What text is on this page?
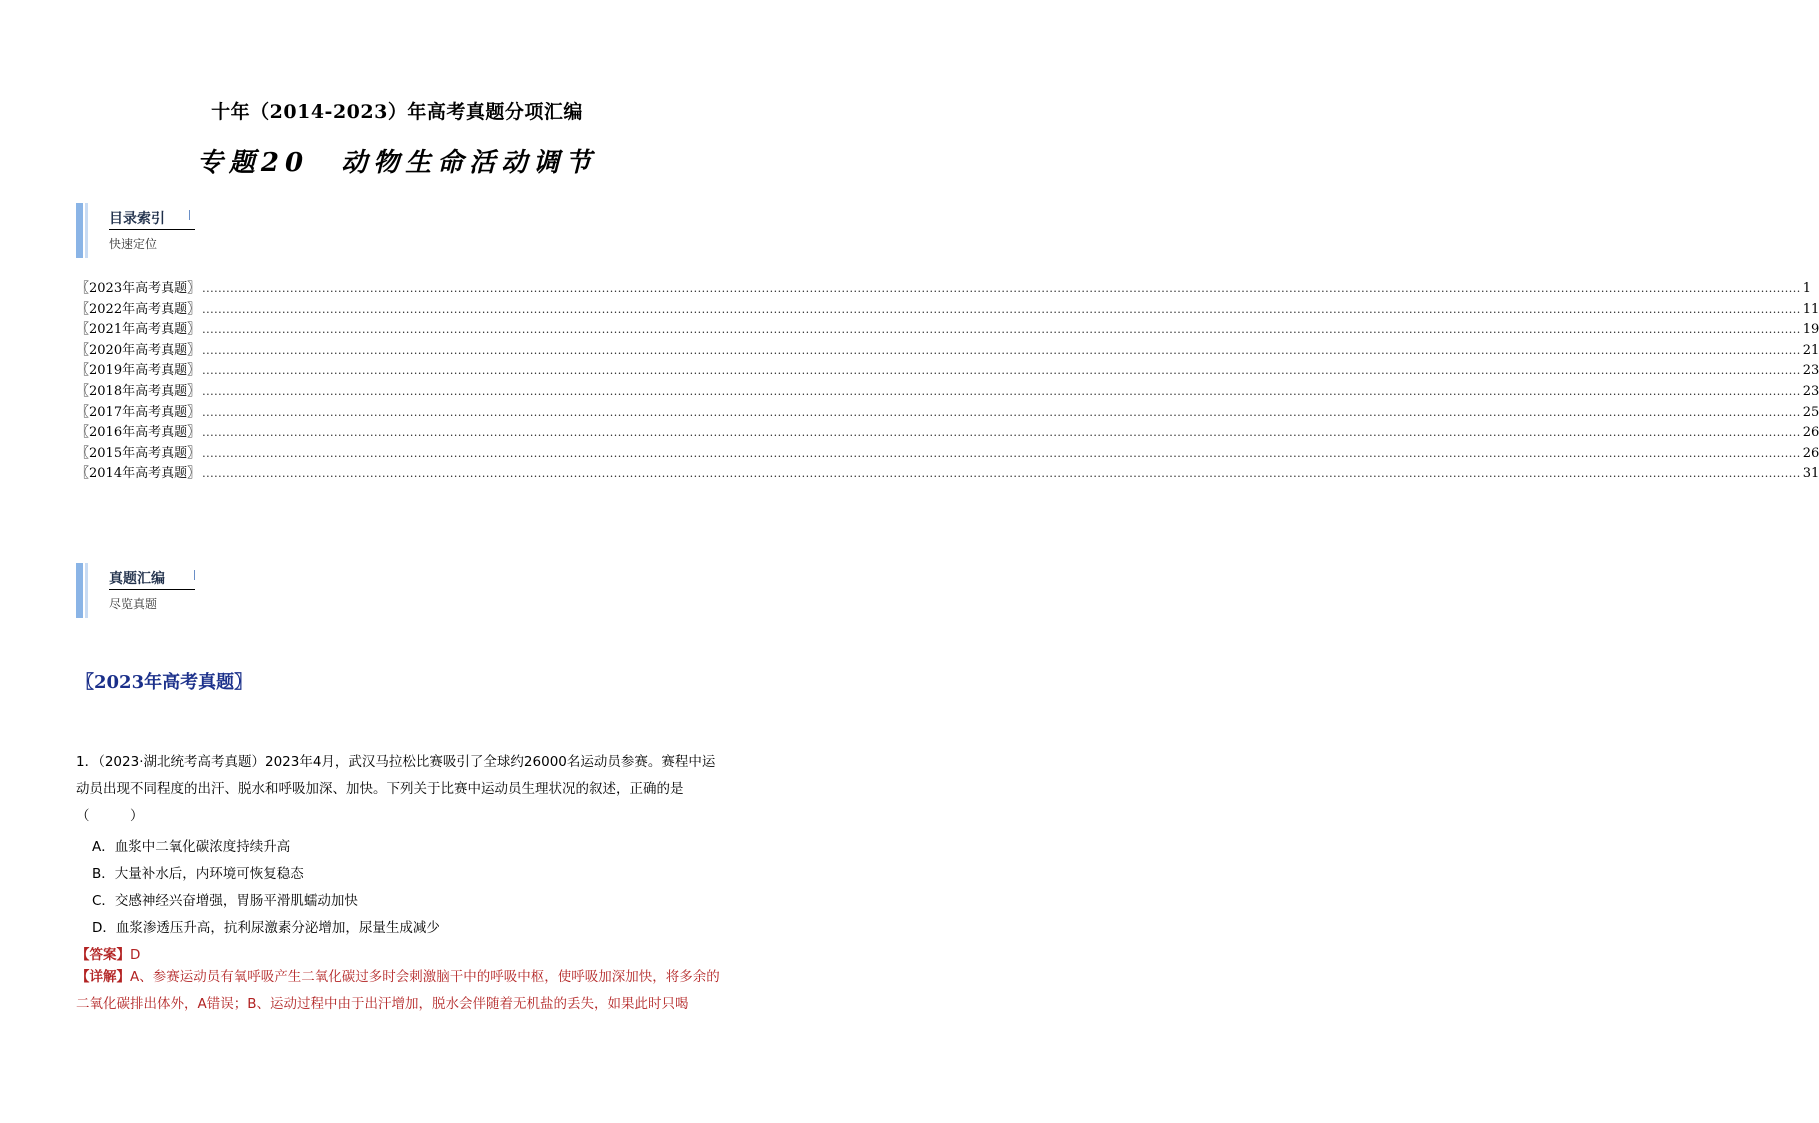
十年（2014-2023）年高考真题分项汇编
专题20　动物生命活动调节
目录索引
快速定位
〖2023年高考真题〗 ................................................................................................................................................................................................................................................................................................................................................................................................................ 1
〖2022年高考真题〗 ................................................................................................................................................................................................................................................................................................................................................................................................................ 11
〖2021年高考真题〗 ................................................................................................................................................................................................................................................................................................................................................................................................................ 19
〖2020年高考真题〗 ................................................................................................................................................................................................................................................................................................................................................................................................................ 21
〖2019年高考真题〗 ................................................................................................................................................................................................................................................................................................................................................................................................................ 23
〖2018年高考真题〗 ................................................................................................................................................................................................................................................................................................................................................................................................................ 23
〖2017年高考真题〗 ................................................................................................................................................................................................................................................................................................................................................................................................................ 25
〖2016年高考真题〗 ................................................................................................................................................................................................................................................................................................................................................................................................................ 26
〖2015年高考真题〗 ................................................................................................................................................................................................................................................................................................................................................................................................................ 26
〖2014年高考真题〗 ................................................................................................................................................................................................................................................................................................................................................................................................................ 31
真题汇编
尽览真题
〖2023年高考真题〗
1．（2023·湖北统考高考真题）2023年4月，武汉马拉松比赛吸引了全球约26000名运动员参赛。赛程中运动员出现不同程度的出汗、脱水和呼吸加深、加快。下列关于比赛中运动员生理状况的叙述，正确的是（　　　）
A．血浆中二氧化碳浓度持续升高
B．大量补水后，内环境可恢复稳态
C．交感神经兴奋增强，胃肠平滑肌蠕动加快
D．血浆渗透压升高，抗利尿激素分泌增加，尿量生成减少
【答案】D
【详解】A、参赛运动员有氧呼吸产生二氧化碳过多时会刺激脑干中的呼吸中枢，使呼吸加深加快，将多余的二氧化碳排出体外，A错误；B、运动过程中由于出汗增加，脱水会伴随着无机盐的丢失，如果此时只喝
